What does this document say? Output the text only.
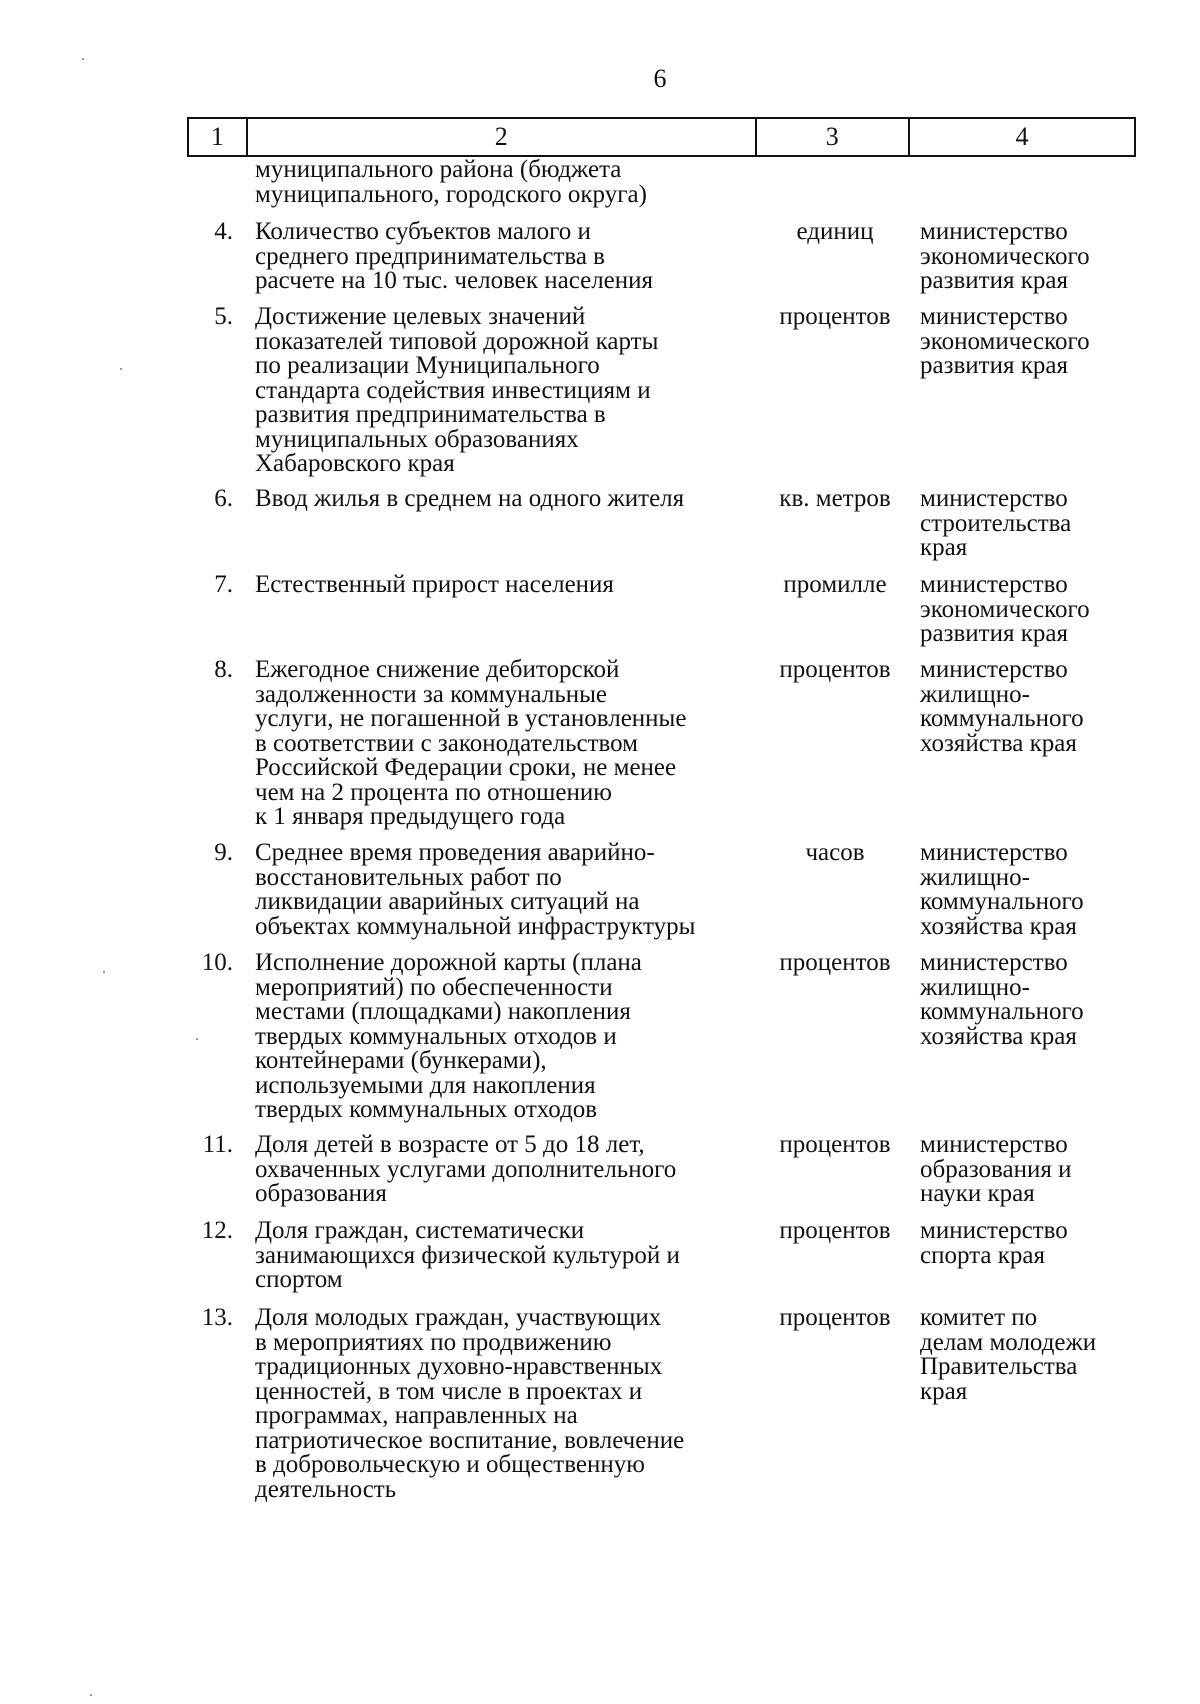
6
1	2	3	4
муниципального района (бюджета
муниципального, городского округа)
4. Количество субъектов малого и
среднего предпринимательства в
расчете на 10 тыс. человек населения
единиц	министерство
экономического
развития края
5. Достижение целевых значений
показателей типовой дорожной карты
по реализации Муниципального
стандарта содействия инвестициям и
развития предпринимательства в
муниципальных образованиях
Хабаровского края
процентов	министерство
экономического
развития края
6. Ввод жилья в среднем на одного жителя	кв. метров	министерство
строительства
края
7. Естественный прирост населения	промилле	министерство
экономического
развития края
8. Ежегодное снижение дебиторской
задолженности за коммунальные
услуги, не погашенной в установленные
в соответствии с законодательством
Российской Федерации сроки, не менее
чем на 2 процента по отношению
к 1 января предыдущего года
процентов	министерство
жилищно-
коммунального
хозяйства края
9. Среднее время проведения аварийно-
восстановительных работ по
ликвидации аварийных ситуаций на
объектах коммунальной инфраструктуры
часов	министерство
жилищно-
коммунального
хозяйства края
10. Исполнение дорожной карты (плана
мероприятий) по обеспеченности
местами (площадками) накопления
твердых коммунальных отходов и
контейнерами (бункерами),
используемыми для накопления
твердых коммунальных отходов
процентов	министерство
жилищно-
коммунального
хозяйства края
11. Доля детей в возрасте от 5 до 18 лет,
охваченных услугами дополнительного
образования
процентов	министерство
образования и
науки края
12. Доля граждан, систематически
занимающихся физической культурой и
спортом
процентов	министерство
спорта края
13. Доля молодых граждан, участвующих
в мероприятиях по продвижению
традиционных духовно-нравственных
ценностей, в том числе в проектах и
программах, направленных на
патриотическое воспитание, вовлечение
в добровольческую и общественную
деятельность
процентов	комитет по
делам молодежи
Правительства
края
